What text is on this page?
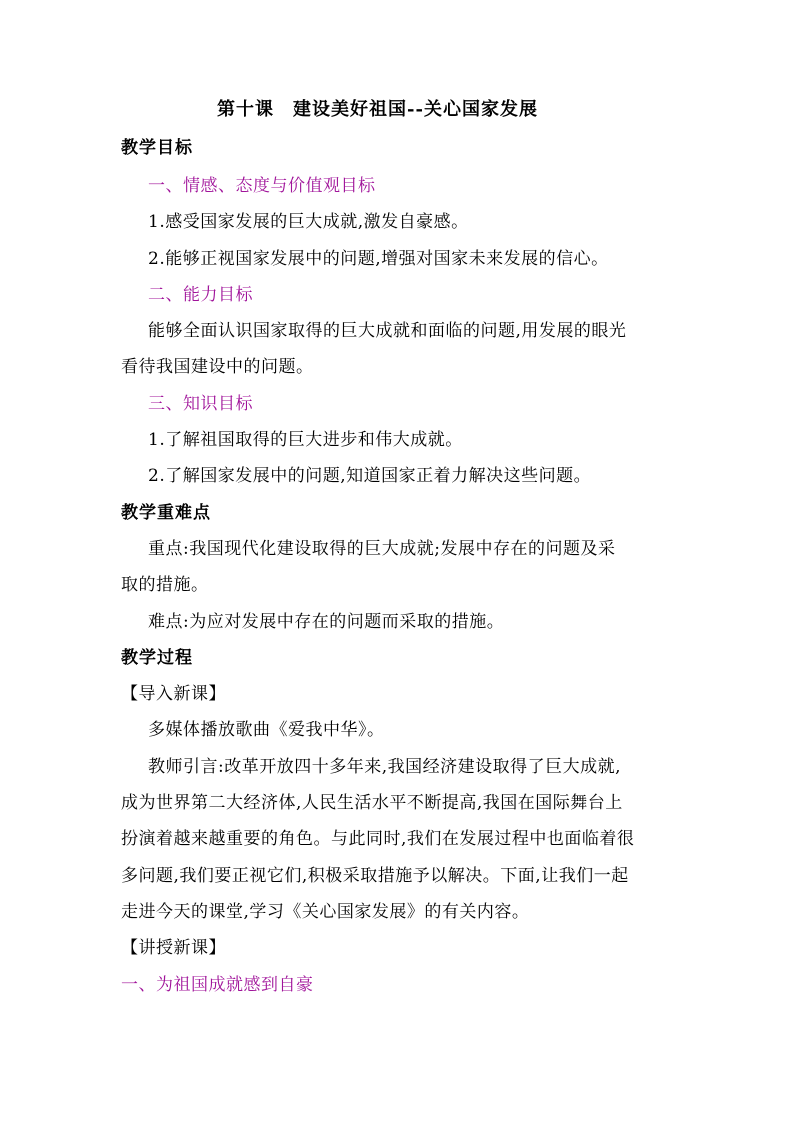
第十课　建设美好祖国--关心国家发展
教学目标
一、情感、态度与价值观目标
1.感受国家发展的巨大成就,激发自豪感。
2.能够正视国家发展中的问题,增强对国家未来发展的信心。
二、能力目标
能够全面认识国家取得的巨大成就和面临的问题,用发展的眼光
看待我国建设中的问题。
三、知识目标
1.了解祖国取得的巨大进步和伟大成就。
2.了解国家发展中的问题,知道国家正着力解决这些问题。
教学重难点
重点:我国现代化建设取得的巨大成就;发展中存在的问题及采
取的措施。
难点:为应对发展中存在的问题而采取的措施。
教学过程
【导入新课】
多媒体播放歌曲《爱我中华》。
教师引言:改革开放四十多年来,我国经济建设取得了巨大成就,
成为世界第二大经济体,人民生活水平不断提高,我国在国际舞台上
扮演着越来越重要的角色。与此同时,我们在发展过程中也面临着很
多问题,我们要正视它们,积极采取措施予以解决。下面,让我们一起
走进今天的课堂,学习《关心国家发展》的有关内容。
【讲授新课】
一、为祖国成就感到自豪
